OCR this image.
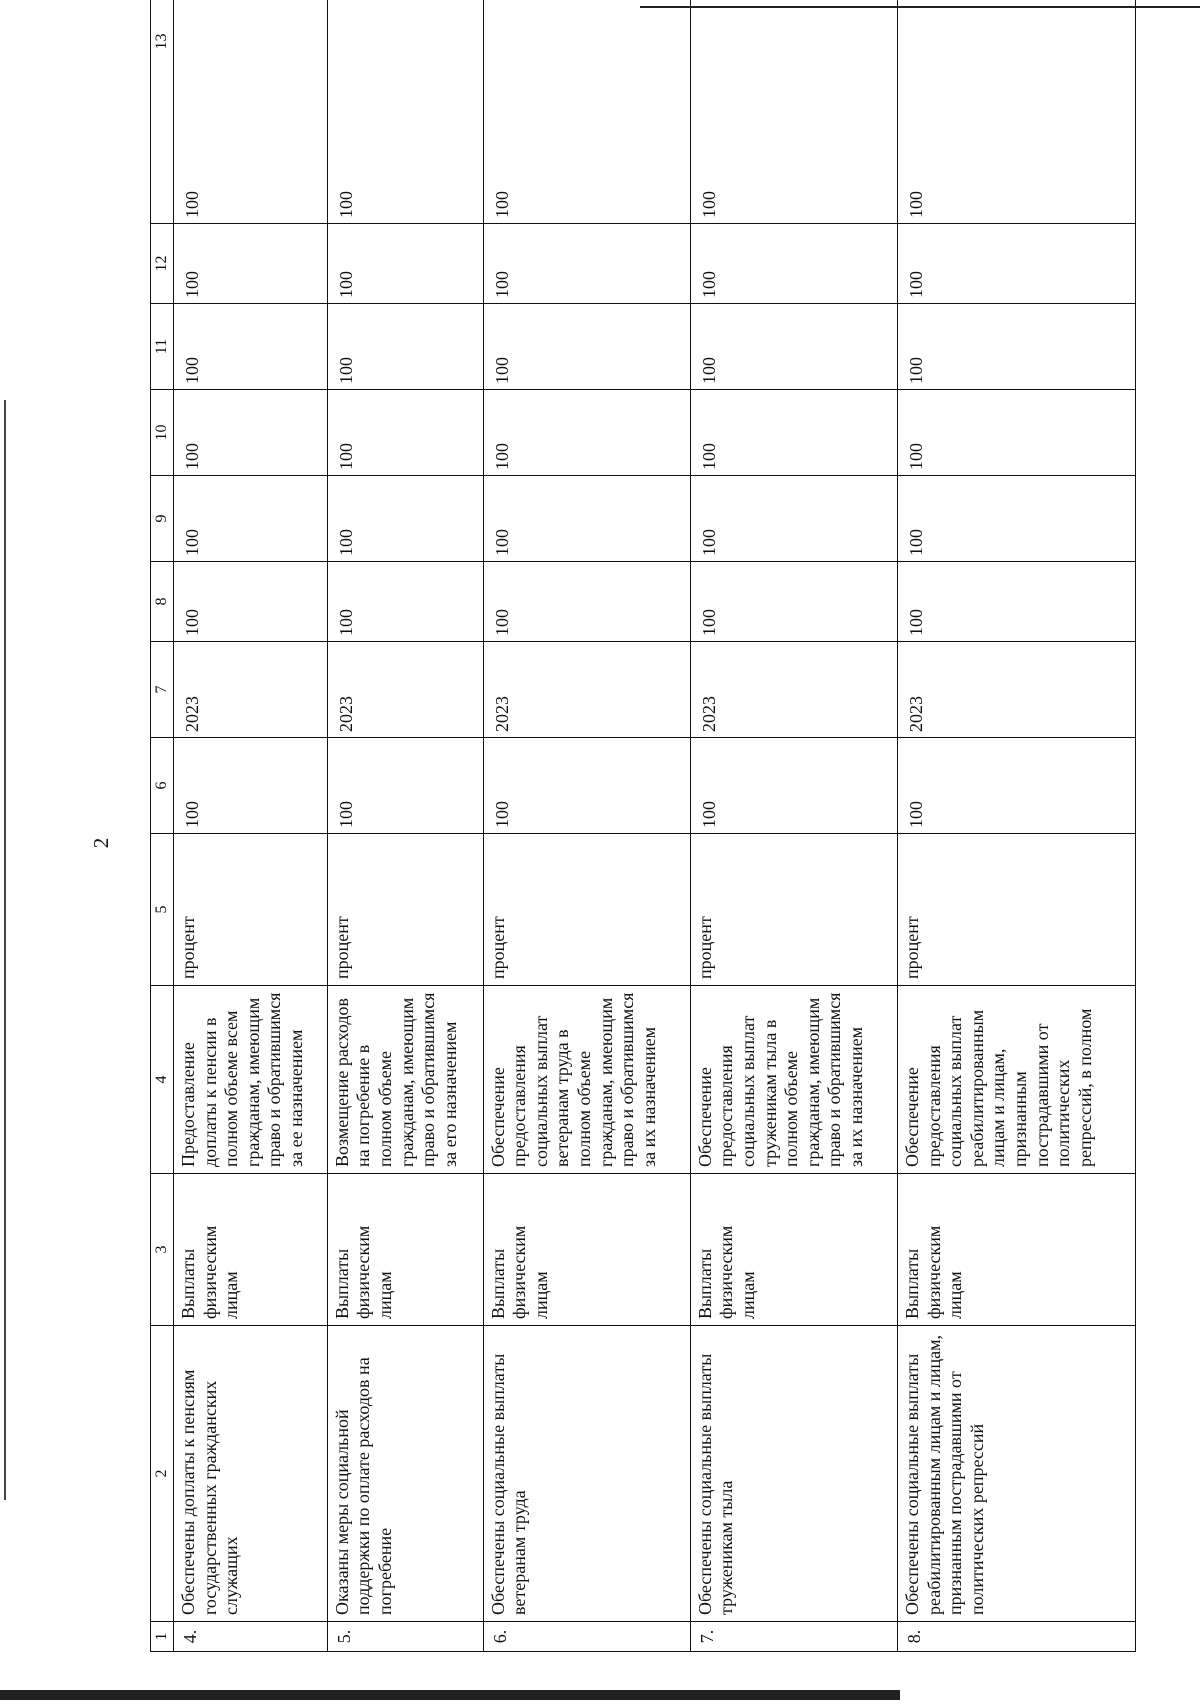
2
1	2	3	4	5	6	7	8	9	10	11	12	13
4.	Обеспечены доплаты к пенсиям государственных гражданских служащих	Выплаты физическим лицам	Предоставление доплаты к пенсии в полном объеме всем гражданам, имеющим право и обратившимся за ее назначением	процент	100	2023	100	100	100	100	100	100
5.	Оказаны меры социальной поддержки по оплате расходов на погребение	Выплаты физическим лицам	Возмещение расходов на погребение в полном объеме гражданам, имеющим право и обратившимся за его назначением	процент	100	2023	100	100	100	100	100	100
6.	Обеспечены социальные выплаты ветеранам труда	Выплаты физическим лицам	Обеспечение предоставления социальных выплат ветеранам труда в полном объеме гражданам, имеющим право и обратившимся за их назначением	процент	100	2023	100	100	100	100	100	100
7.	Обеспечены социальные выплаты труженикам тыла	Выплаты физическим лицам	Обеспечение предоставления социальных выплат труженикам тыла в полном объеме гражданам, имеющим право и обратившимся за их назначением	процент	100	2023	100	100	100	100	100	100
8.	Обеспечены социальные выплаты реабилитированным лицам и лицам, признанным пострадавшими от политических репрессий	Выплаты физическим лицам	Обеспечение предоставления социальных выплат реабилитированным лицам и лицам, признанным пострадавшими от политических репрессий, в полном	процент	100	2023	100	100	100	100	100	100
